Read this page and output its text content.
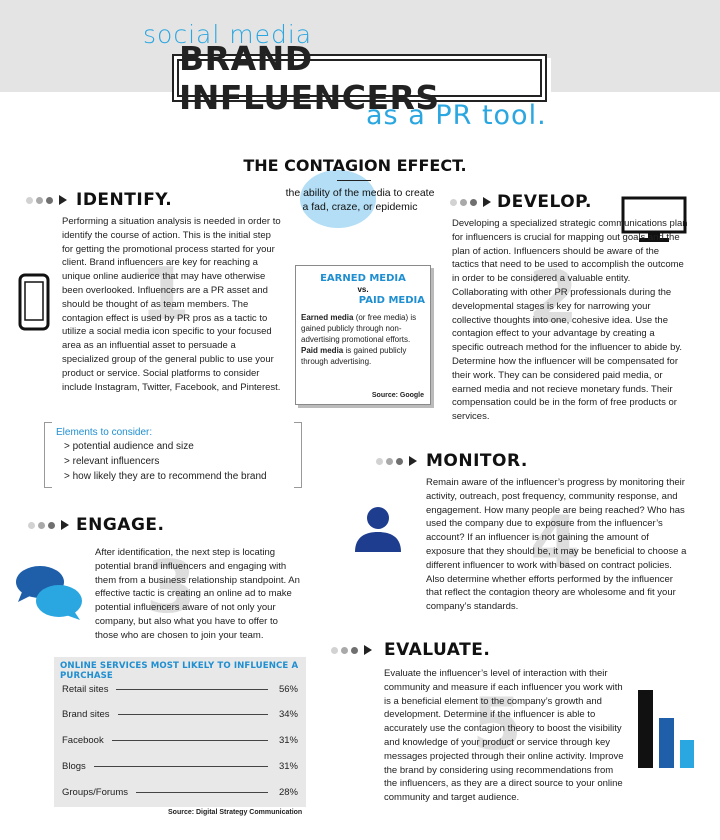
social media
BRAND INFLUENCERS
as a PR tool.
THE CONTAGION EFFECT.
the ability of the media to create
a fad, craze, or epidemic
IDENTIFY.
1
Performing a situation analysis is needed in order to identify the course of action. This is the initial step for getting the promotional process started for your client. Brand influencers are key for reaching a unique online audience that may have otherwise been overlooked. Influencers are a PR asset and should be thought of as team members. The contagion effect is used by PR pros as a tactic to utilize a social media icon specific to your focused area as an influential asset to persuade a specialized group of the general public to use your product or service. Social platforms to consider include Instagram, Twitter, Facebook, and Pinterest.
EARNED MEDIA
vs.
PAID MEDIA
Earned media (or free media) is gained publicly through non-advertising promotional efforts.
Paid media is gained publicly through advertising.
Source: Google
DEVELOP.
2
Developing a specialized strategic communications plan for influencers is crucial for mapping out goals and the plan of action. Influencers should be aware of the tactics that need to be used to accomplish the outcome in order to be considered a valuable entity. Collaborating with other PR professionals during the developmental stages is key for narrowing your collective thoughts into one, cohesive idea. Use the contagion effect to your advantage by creating a specific outreach method for the influencer to abide by. Determine how the influencer will be compensated for their work. They can be considered paid media, or earned media and not recieve monetary funds. Their compensation could be in the form of free products or services.
Elements to consider:
> potential audience and size
> relevant influencers
> how likely they are to recommend the brand
MONITOR.
4
Remain aware of the influencer’s progress by monitoring their activity, outreach, post frequency, community response, and engagement. How many people are being reached? Who has used the company due to exposure from the influencer’s account? If an influencer is not gaining the amount of exposure that they should be, it may be beneficial to choose a different influencer to work with based on contract policies. Also determine whether efforts performed by the influencer that reflect the contagion theory are wholesome and fit your company’s standards.
ENGAGE.
3
After identification, the next step is locating potential brand influencers and engaging with them from a business relationship standpoint. An effective tactic is creating an online ad to make potential influencers aware of not only your company, but also what you have to offer to those who are chosen to join your team.
ONLINE SERVICES MOST LIKELY TO INFLUENCE A PURCHASE
Retail sites	56%
Brand sites	34%
Facebook	31%
Blogs	31%
Groups/Forums	28%
Source: Digital Strategy Communication
EVALUATE.
5
Evaluate the influencer’s level of interaction with their community and measure if each influencer you work with is a beneficial element to the company’s growth and development. Determine if the influencer is able to accurately use the contagion theory to boost the visibility and knowledge of your product or service through key messages projected through their online activity. Improve the brand by considering using recommendations from the influencers, as they are a direct source to your online community and target audience.
